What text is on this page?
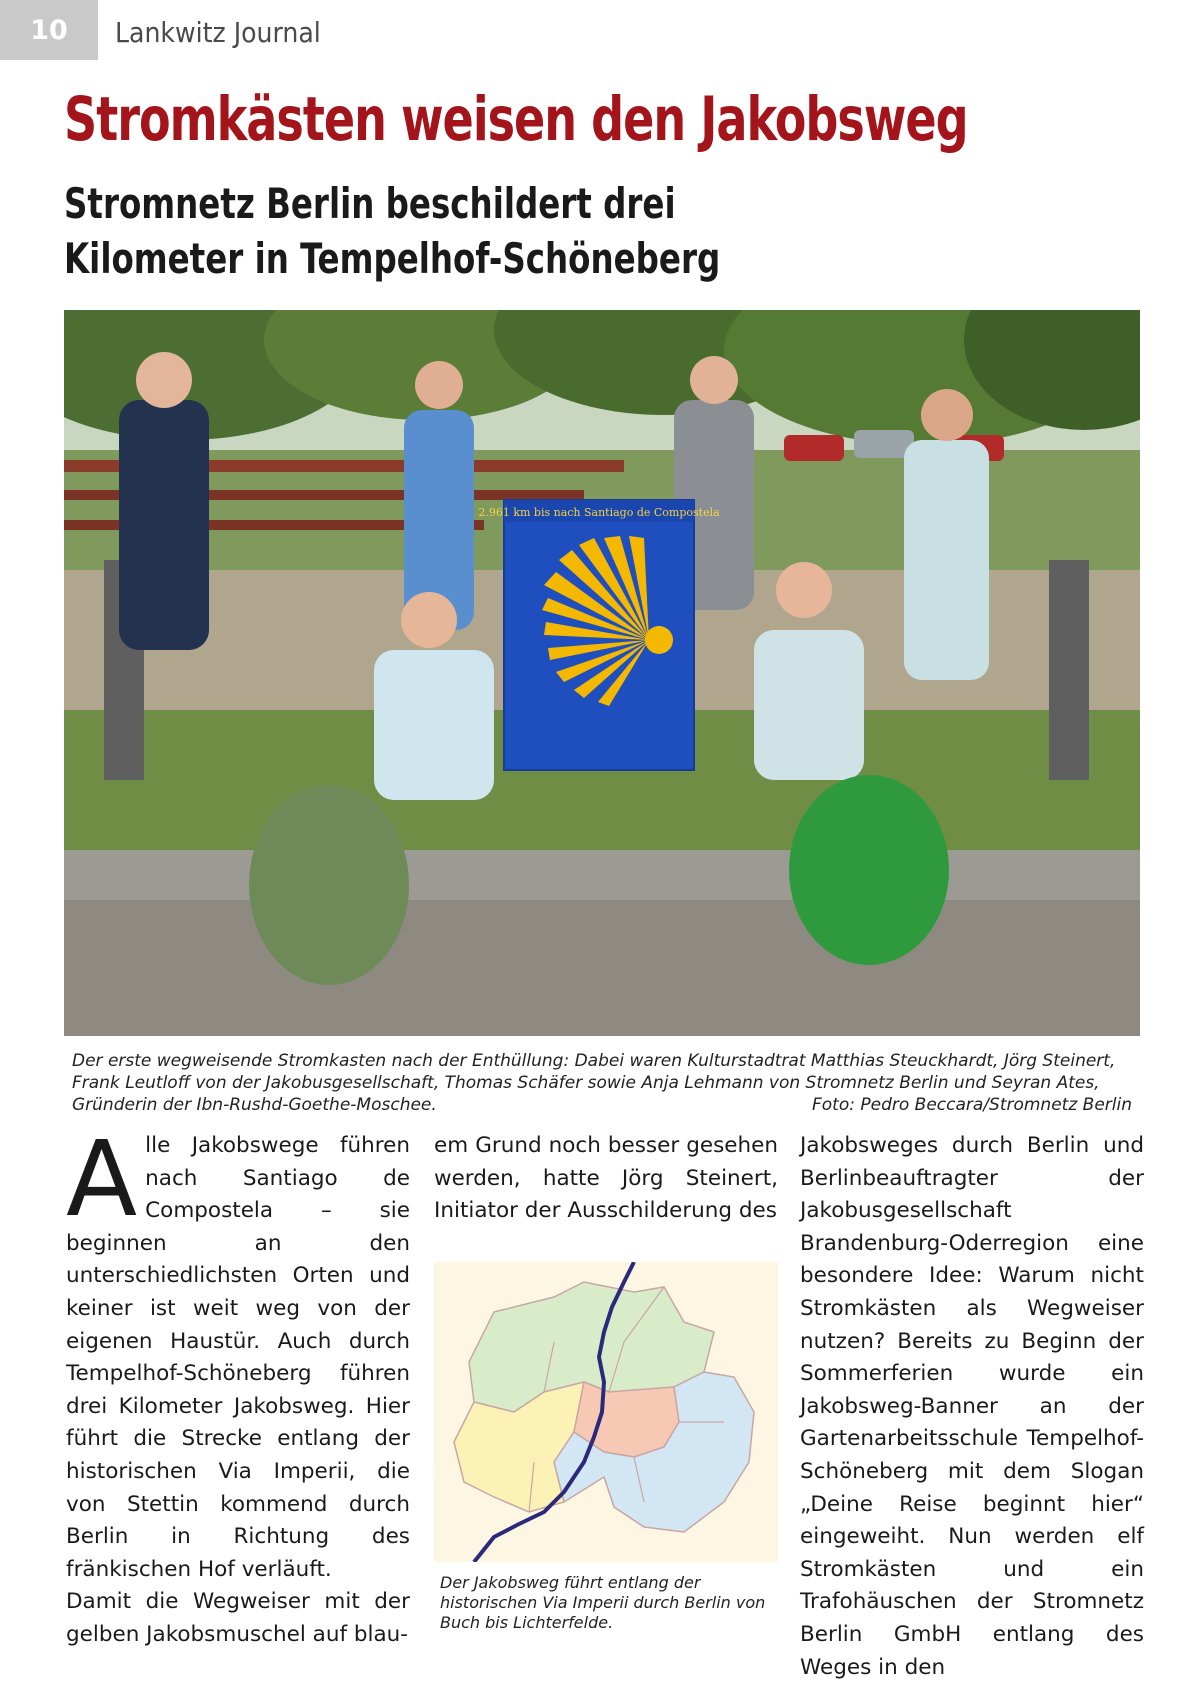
10	Lankwitz Journal
Stromkästen weisen den Jakobsweg
Stromnetz Berlin beschildert drei Kilometer in Tempelhof-Schöneberg
2.961 km bis nach Santiago de Compostela
Der erste wegweisende Stromkasten nach der Enthüllung: Dabei waren Kulturstadtrat Matthias Steuckhardt, Jörg Steinert, Frank Leutloff von der Jakobusgesellschaft, Thomas Schäfer sowie Anja Lehmann von Stromnetz Berlin und Seyran Ates, Gründerin der Ibn-Rushd-Goethe-Moschee.	Foto: Pedro Beccara/Stromnetz Berlin
A lle Jakobswege führen nach Santiago de Compostela – sie beginnen an den unterschiedlichsten Orten und keiner ist weit weg von der eigenen Haustür. Auch durch Tempelhof-Schöneberg führen drei Kilometer Jakobsweg. Hier führt die Strecke entlang der historischen Via Imperii, die von Stettin kommend durch Berlin in Richtung des fränkischen Hof verläuft.
Damit die Wegweiser mit der gelben Jakobsmuschel auf blau-
em Grund noch besser gesehen werden, hatte Jörg Steinert, Initiator der Ausschilderung des
Der Jakobsweg führt entlang der historischen Via Imperii durch Berlin von Buch bis Lichterfelde.
Jakobsweges durch Berlin und Berlinbeauftragter der Jakobusgesellschaft Brandenburg-Oderregion eine besondere Idee: Warum nicht Stromkästen als Wegweiser nutzen? Bereits zu Beginn der Sommerferien wurde ein Jakobsweg-Banner an der Gartenarbeitsschule Tempelhof-Schöneberg mit dem Slogan „Deine Reise beginnt hier“ eingeweiht. Nun werden elf Stromkästen und ein Trafohäuschen der Stromnetz Berlin GmbH entlang des Weges in den
